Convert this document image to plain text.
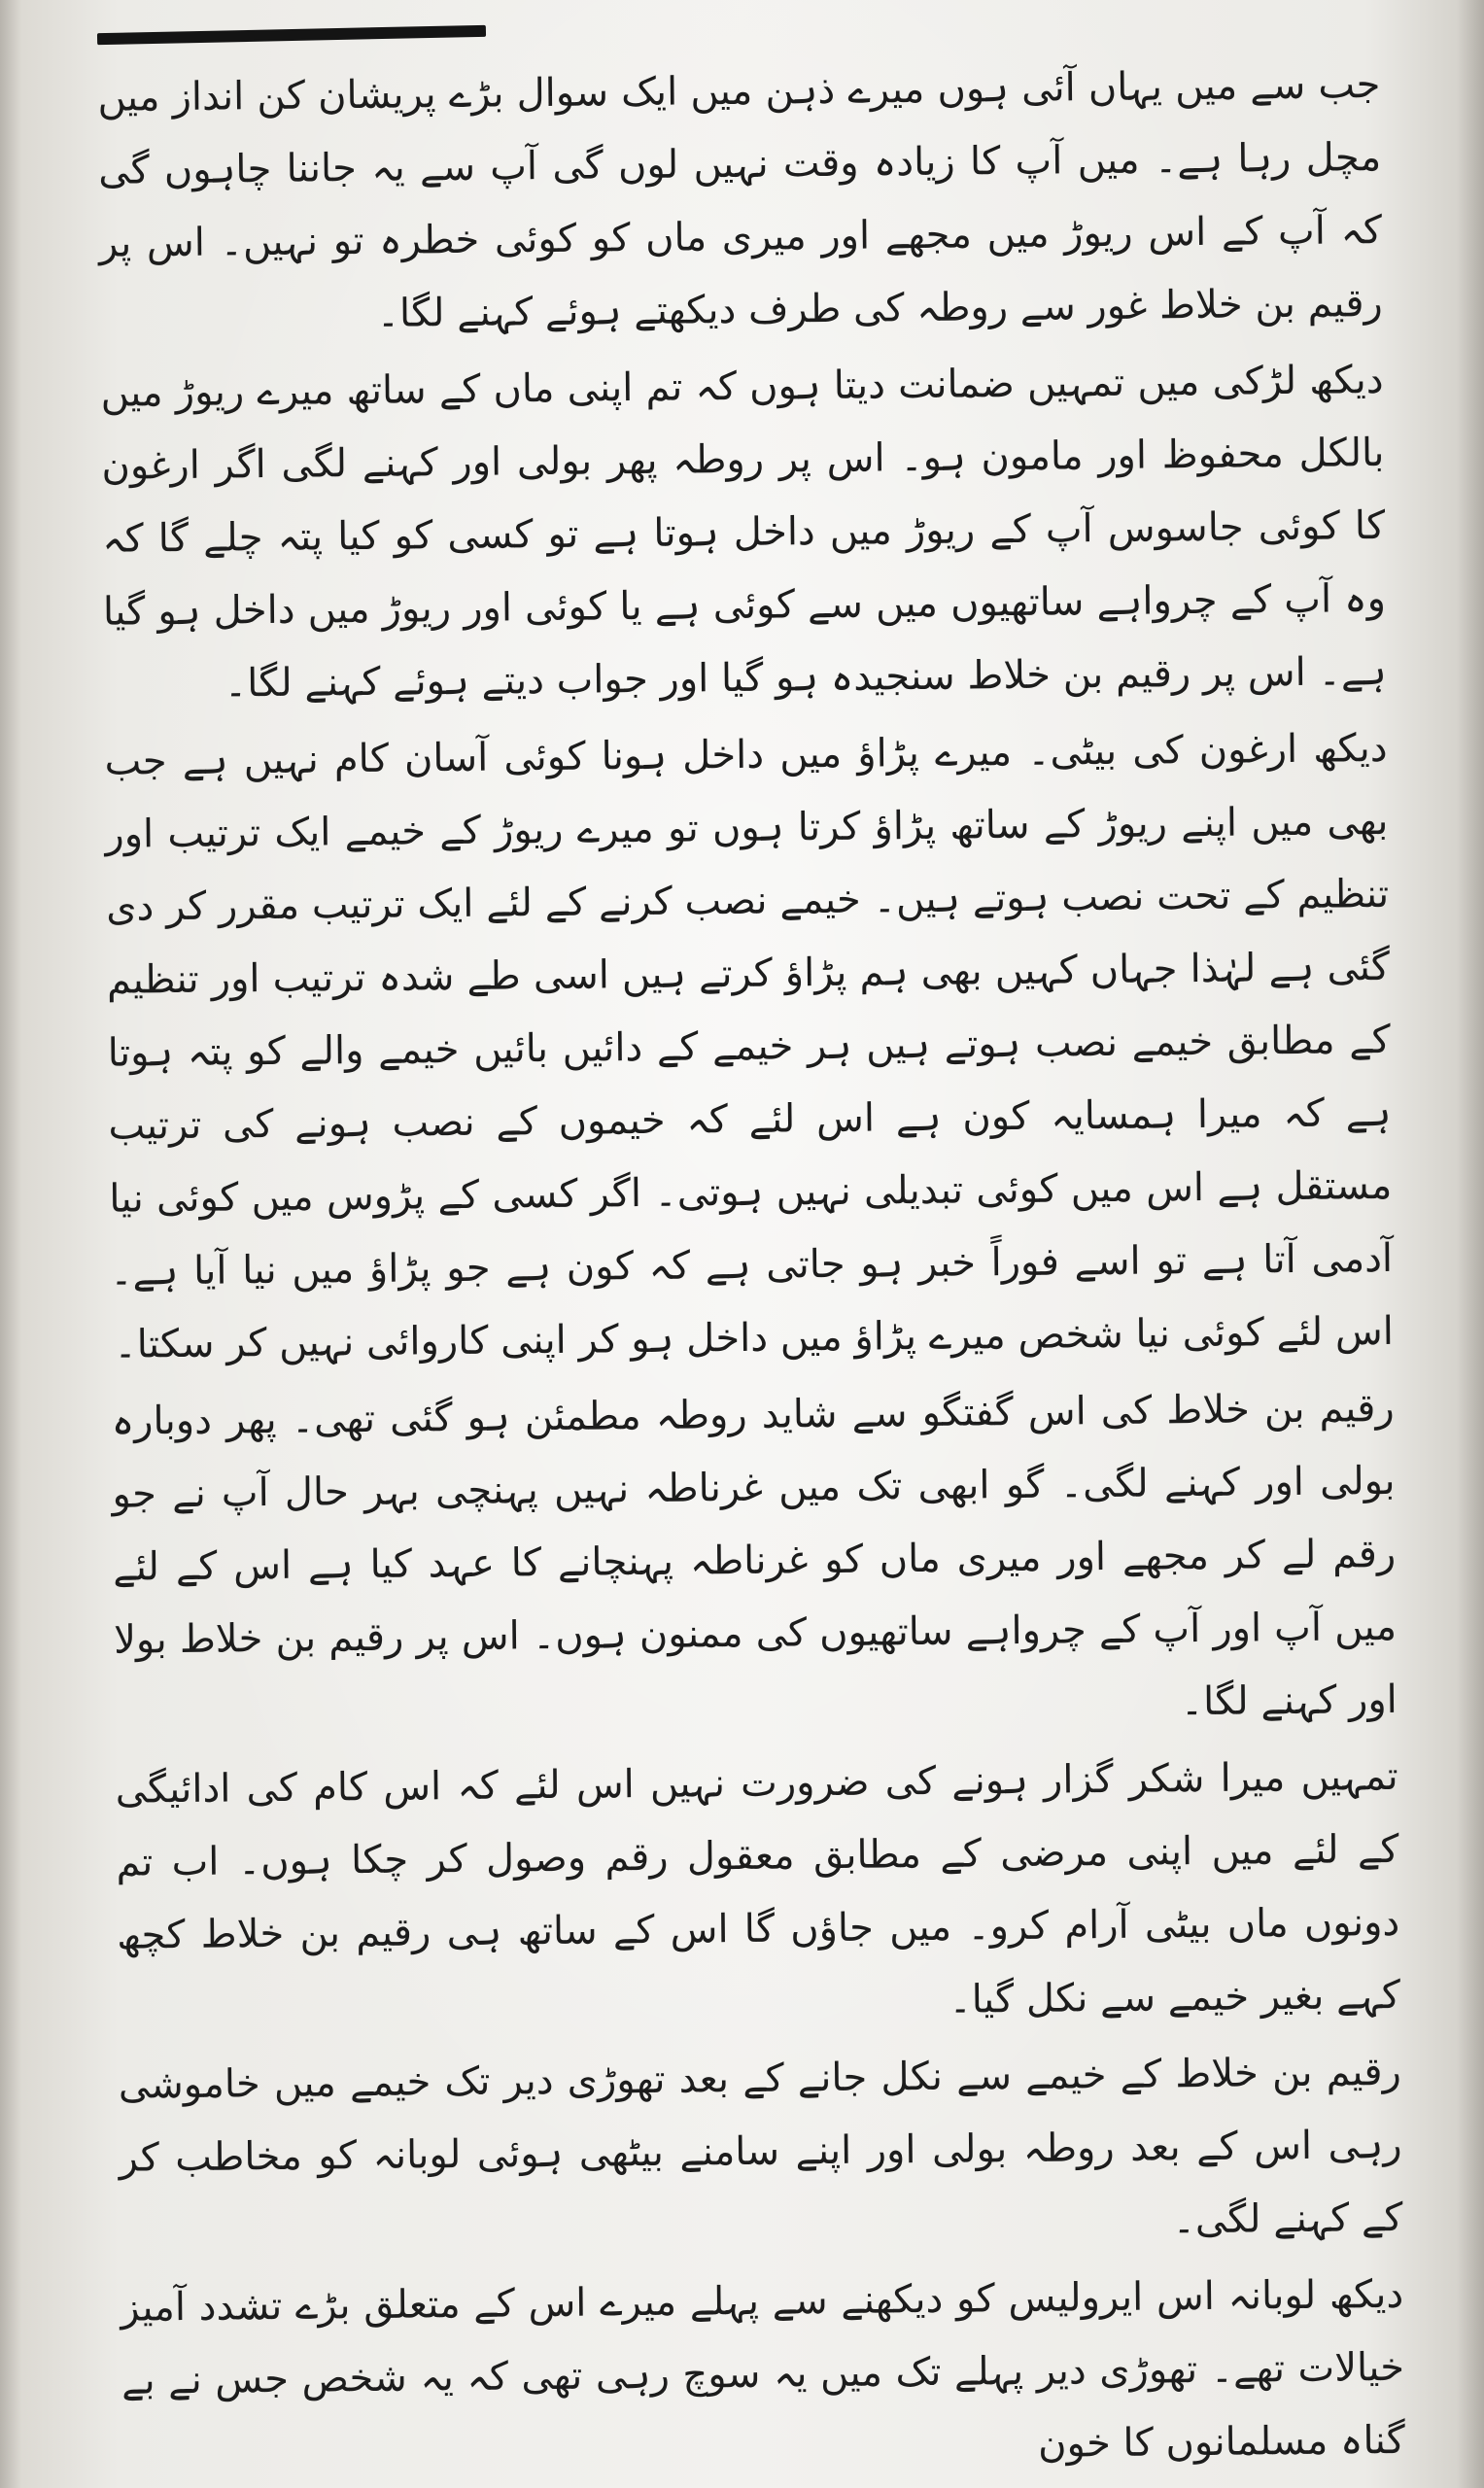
جب سے میں یہاں آئی ہوں میرے ذہن میں ایک سوال بڑے پریشان کن انداز میں مچل رہا ہے۔ میں آپ کا زیادہ وقت نہیں لوں گی آپ سے یہ جاننا چاہوں گی کہ آپ کے اس ریوڑ میں مجھے اور میری ماں کو کوئی خطرہ تو نہیں۔ اس پر رقیم بن خلاط غور سے روطہ کی طرف دیکھتے ہوئے کہنے لگا۔

دیکھ لڑکی میں تمہیں ضمانت دیتا ہوں کہ تم اپنی ماں کے ساتھ میرے ریوڑ میں بالکل محفوظ اور مامون ہو۔ اس پر روطہ پھر بولی اور کہنے لگی اگر ارغون کا کوئی جاسوس آپ کے ریوڑ میں داخل ہوتا ہے تو کسی کو کیا پتہ چلے گا کہ وہ آپ کے چرواہے ساتھیوں میں سے کوئی ہے یا کوئی اور ریوڑ میں داخل ہو گیا ہے۔ اس پر رقیم بن خلاط سنجیدہ ہو گیا اور جواب دیتے ہوئے کہنے لگا۔

دیکھ ارغون کی بیٹی۔ میرے پڑاؤ میں داخل ہونا کوئی آسان کام نہیں ہے جب بھی میں اپنے ریوڑ کے ساتھ پڑاؤ کرتا ہوں تو میرے ریوڑ کے خیمے ایک ترتیب اور تنظیم کے تحت نصب ہوتے ہیں۔ خیمے نصب کرنے کے لئے ایک ترتیب مقرر کر دی گئی ہے لہٰذا جہاں کہیں بھی ہم پڑاؤ کرتے ہیں اسی طے شدہ ترتیب اور تنظیم کے مطابق خیمے نصب ہوتے ہیں ہر خیمے کے دائیں بائیں خیمے والے کو پتہ ہوتا ہے کہ میرا ہمسایہ کون ہے اس لئے کہ خیموں کے نصب ہونے کی ترتیب مستقل ہے اس میں کوئی تبدیلی نہیں ہوتی۔ اگر کسی کے پڑوس میں کوئی نیا آدمی آتا ہے تو اسے فوراً خبر ہو جاتی ہے کہ کون ہے جو پڑاؤ میں نیا آیا ہے۔ اس لئے کوئی نیا شخص میرے پڑاؤ میں داخل ہو کر اپنی کاروائی نہیں کر سکتا۔

رقیم بن خلاط کی اس گفتگو سے شاید روطہ مطمئن ہو گئی تھی۔ پھر دوبارہ بولی اور کہنے لگی۔ گو ابھی تک میں غرناطہ نہیں پہنچی بہر حال آپ نے جو رقم لے کر مجھے اور میری ماں کو غرناطہ پہنچانے کا عہد کیا ہے اس کے لئے میں آپ اور آپ کے چرواہے ساتھیوں کی ممنون ہوں۔ اس پر رقیم بن خلاط بولا اور کہنے لگا۔

تمہیں میرا شکر گزار ہونے کی ضرورت نہیں اس لئے کہ اس کام کی ادائیگی کے لئے میں اپنی مرضی کے مطابق معقول رقم وصول کر چکا ہوں۔ اب تم دونوں ماں بیٹی آرام کرو۔ میں جاؤں گا اس کے ساتھ ہی رقیم بن خلاط کچھ کہے بغیر خیمے سے نکل گیا۔

رقیم بن خلاط کے خیمے سے نکل جانے کے بعد تھوڑی دیر تک خیمے میں خاموشی رہی اس کے بعد روطہ بولی اور اپنے سامنے بیٹھی ہوئی لوبانہ کو مخاطب کر کے کہنے لگی۔

دیکھ لوبانہ اس ایرولیس کو دیکھنے سے پہلے میرے اس کے متعلق بڑے تشدد آمیز خیالات تھے۔ تھوڑی دیر پہلے تک میں یہ سوچ رہی تھی کہ یہ شخص جس نے بے گناہ مسلمانوں کا خون
